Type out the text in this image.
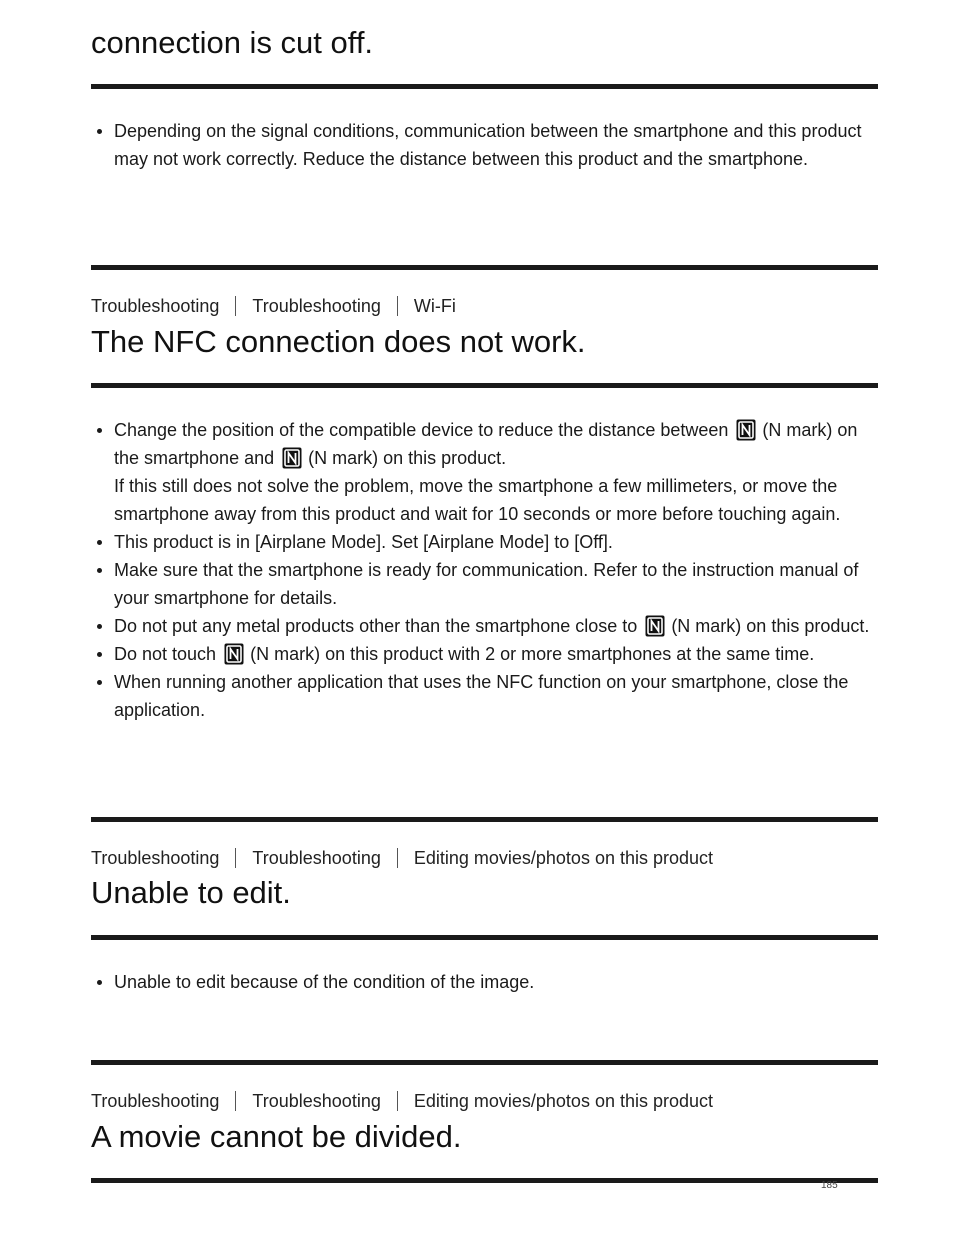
connection is cut off.
Depending on the signal conditions, communication between the smartphone and this product may not work correctly. Reduce the distance between this product and the smartphone.
Troubleshooting Troubleshooting Wi-Fi
The NFC connection does not work.
Change the position of the compatible device to reduce the distance between (N mark) on the smartphone and (N mark) on this product.
If this still does not solve the problem, move the smartphone a few millimeters, or move the smartphone away from this product and wait for 10 seconds or more before touching again.
This product is in [Airplane Mode]. Set [Airplane Mode] to [Off].
Make sure that the smartphone is ready for communication. Refer to the instruction manual of your smartphone for details.
Do not put any metal products other than the smartphone close to (N mark) on this product.
Do not touch (N mark) on this product with 2 or more smartphones at the same time.
When running another application that uses the NFC function on your smartphone, close the application.
Troubleshooting Troubleshooting Editing movies/photos on this product
Unable to edit.
Unable to edit because of the condition of the image.
Troubleshooting Troubleshooting Editing movies/photos on this product
A movie cannot be divided.
185
